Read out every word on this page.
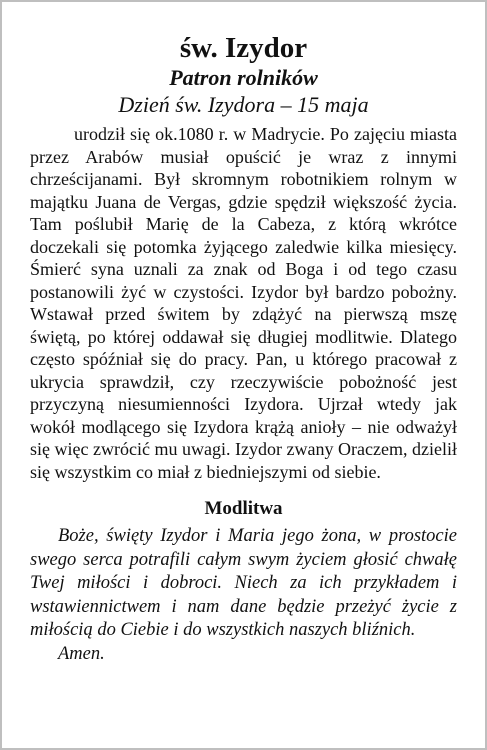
św. Izydor
Patron rolników
Dzień św. Izydora – 15 maja

urodził się ok.1080 r. w Madrycie. Po zajęciu miasta przez Arabów musiał opuścić je wraz z innymi chrześcijanami. Był skromnym robotnikiem rolnym w majątku Juana de Vergas, gdzie spędził większość życia. Tam poślubił Marię de la Cabeza, z którą wkrótce doczekali się potomka żyjącego zaledwie kilka miesięcy. Śmierć syna uznali za znak od Boga i od tego czasu postanowili żyć w czystości. Izydor był bardzo pobożny. Wstawał przed świtem by zdążyć na pierwszą mszę świętą, po której oddawał się długiej modlitwie. Dlatego często spóźniał się do pracy. Pan, u którego pracował z ukrycia sprawdził, czy rzeczywiście pobożność jest przyczyną niesumienności Izydora. Ujrzał wtedy jak wokół modlącego się Izydora krążą anioły – nie odważył się więc zwrócić mu uwagi. Izydor zwany Oraczem, dzielił się wszystkim co miał z biedniejszymi od siebie.

Modlitwa

Boże, święty Izydor i Maria jego żona, w prostocie swego serca potrafili całym swym życiem głosić chwałę Twej miłości i dobroci. Niech za ich przykładem i wstawiennictwem i nam dane będzie przeżyć życie z miłością do Ciebie i do wszystkich naszych bliźnich.

Amen.
